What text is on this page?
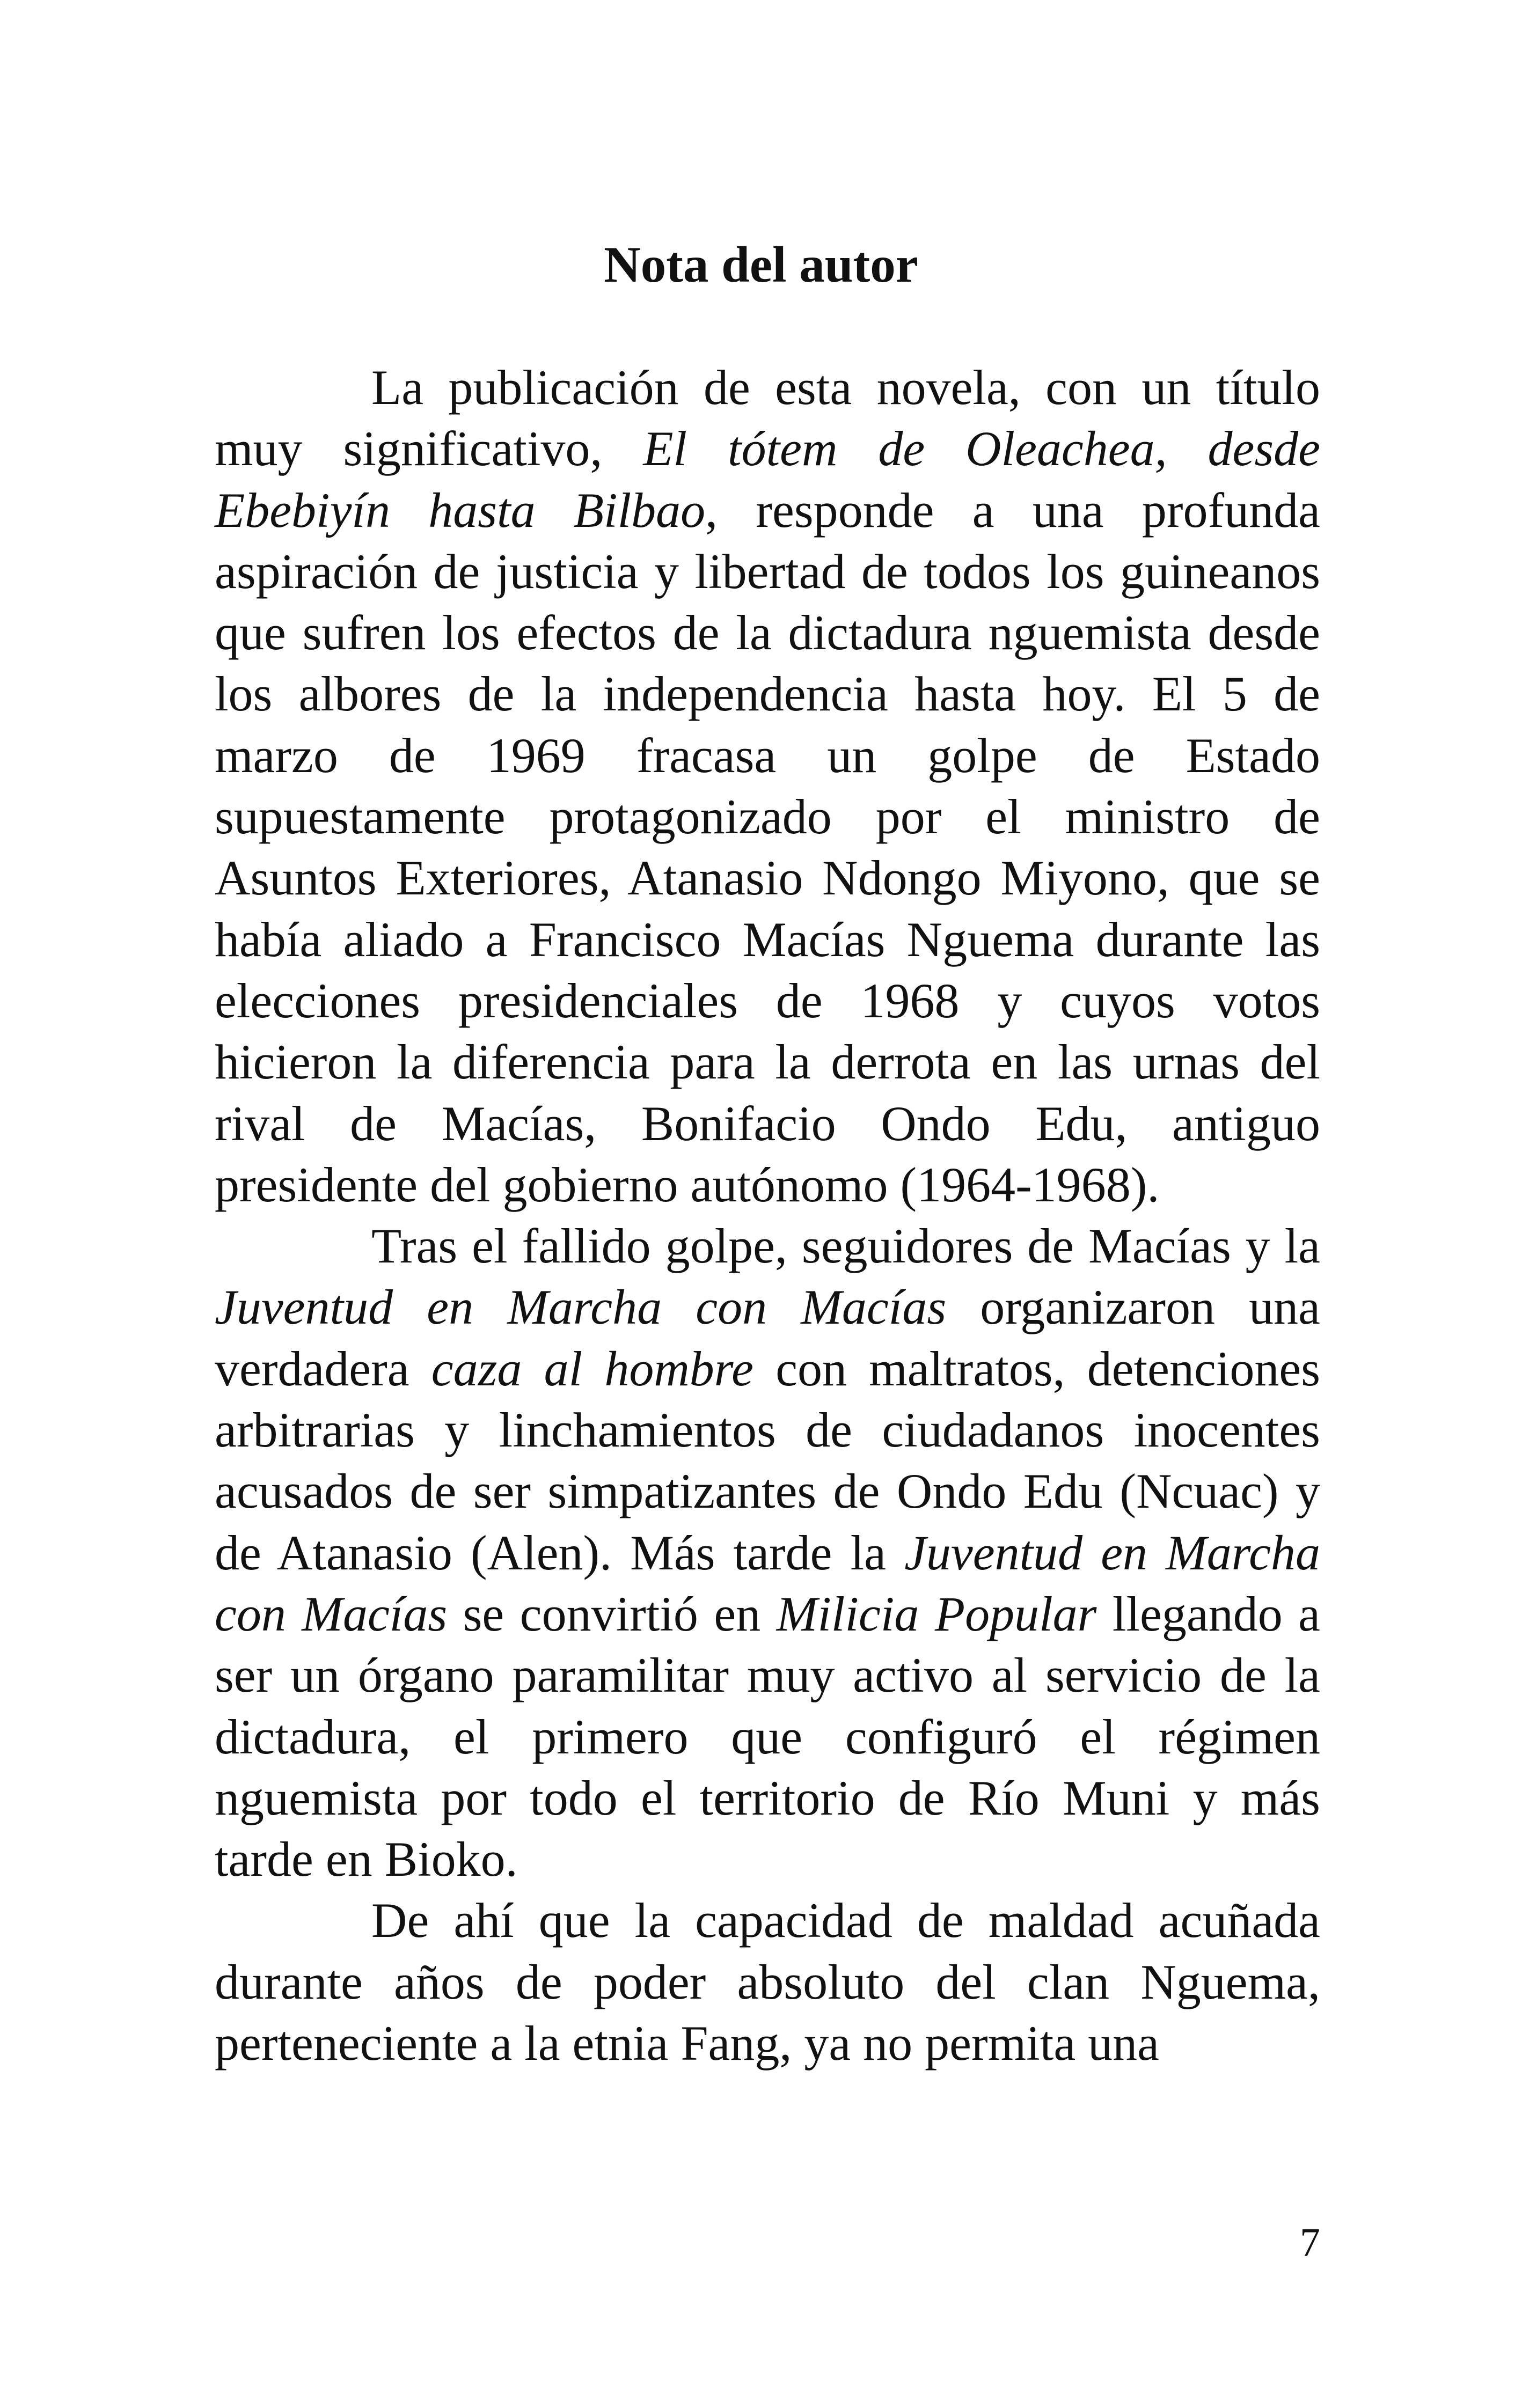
Nota del autor

La publicación de esta novela, con un título muy significativo, El tótem de Oleachea, desde Ebebiyín hasta Bilbao, responde a una profunda aspiración de justicia y libertad de todos los guineanos que sufren los efectos de la dictadura nguemista desde los albores de la independencia hasta hoy. El 5 de marzo de 1969 fracasa un golpe de Estado supuestamente protagonizado por el ministro de Asuntos Exteriores, Atanasio Ndongo Miyono, que se había aliado a Francisco Macías Nguema durante las elecciones presidenciales de 1968 y cuyos votos hicieron la diferencia para la derrota en las urnas del rival de Macías, Bonifacio Ondo Edu, antiguo presidente del gobierno autónomo (1964-1968).

Tras el fallido golpe, seguidores de Macías y la Juventud en Marcha con Macías organizaron una verdadera caza al hombre con maltratos, detenciones arbitrarias y linchamientos de ciudadanos inocentes acusados de ser simpatizantes de Ondo Edu (Ncuac) y de Atanasio (Alen). Más tarde la Juventud en Marcha con Macías se convirtió en Milicia Popular llegando a ser un órgano paramilitar muy activo al servicio de la dictadura, el primero que configuró el régimen nguemista por todo el territorio de Río Muni y más tarde en Bioko.

De ahí que la capacidad de maldad acuñada durante años de poder absoluto del clan Nguema, perteneciente a la etnia Fang, ya no permita una

7
